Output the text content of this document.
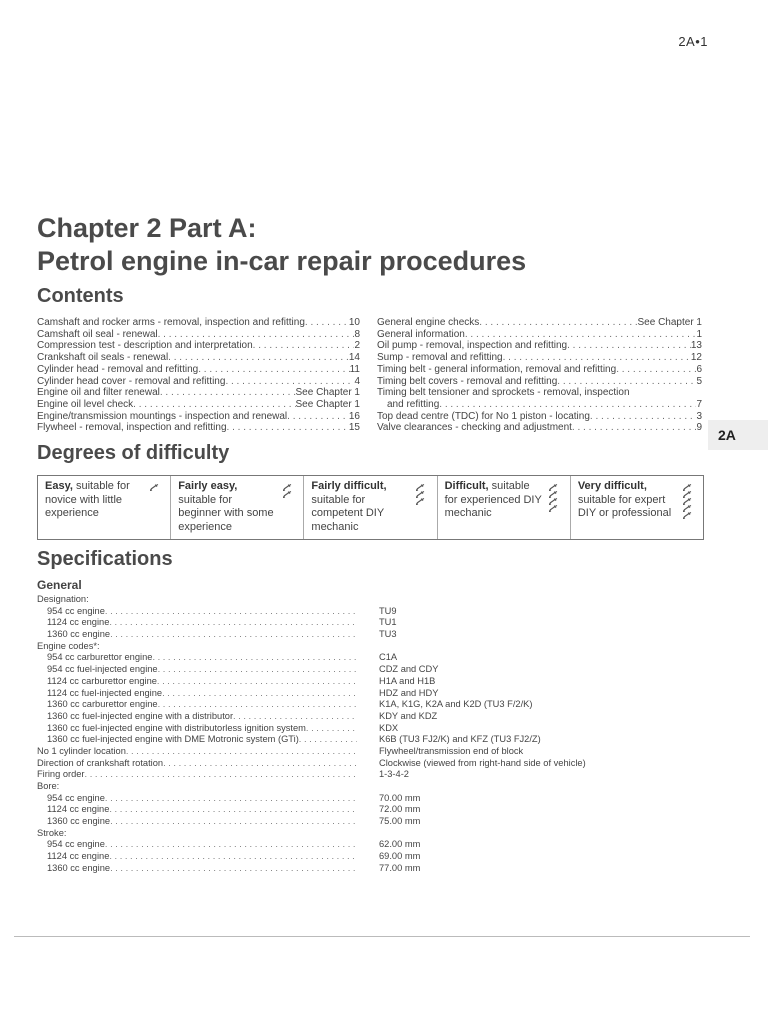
2A•1
Chapter 2 Part A:
Petrol engine in-car repair procedures
Contents
Camshaft and rocker arms - removal, inspection and refitting . . .	10
Camshaft oil seal - renewal . . .	8
Compression test - description and interpretation . . .	2
Crankshaft oil seals - renewal . . .	14
Cylinder head - removal and refitting . . .	11
Cylinder head cover - removal and refitting . . .	4
Engine oil and filter renewal . . .	See Chapter 1
Engine oil level check . . .	See Chapter 1
Engine/transmission mountings - inspection and renewal . . .	16
Flywheel - removal, inspection and refitting . . .	15
General engine checks . . .	See Chapter 1
General information . . .	1
Oil pump - removal, inspection and refitting . . .	13
Sump - removal and refitting . . .	12
Timing belt - general information, removal and refitting . . .	6
Timing belt covers - removal and refitting . . .	5
Timing belt tensioner and sprockets - removal, inspection
and refitting . . .	7
Top dead centre (TDC) for No 1 piston - locating . . .	3
Valve clearances - checking and adjustment . . .	9	2A
Degrees of difficulty
Easy, suitable for novice with little experience
Fairly easy, suitable for beginner with some experience
Fairly difficult, suitable for competent DIY mechanic
Difficult, suitable for experienced DIY mechanic
Very difficult, suitable for expert DIY or professional
Specifications
General
Designation:
954 cc engine . . .	TU9
1124 cc engine . . .	TU1
1360 cc engine . . .	TU3
Engine codes*:
954 cc carburettor engine . . .	C1A
954 cc fuel-injected engine . . .	CDZ and CDY
1124 cc carburettor engine . . .	H1A and H1B
1124 cc fuel-injected engine . . .	HDZ and HDY
1360 cc carburettor engine . . .	K1A, K1G, K2A and K2D (TU3 F/2/K)
1360 cc fuel-injected engine with a distributor . . .	KDY and KDZ
1360 cc fuel-injected engine with distributorless ignition system . . .	KDX
1360 cc fuel-injected engine with DME Motronic system (GTi) . . .	K6B (TU3 FJ2/K) and KFZ (TU3 FJ2/Z)
No 1 cylinder location . . .	Flywheel/transmission end of block
Direction of crankshaft rotation . . .	Clockwise (viewed from right-hand side of vehicle)
Firing order . . .	1-3-4-2
Bore:
954 cc engine . . .	70.00 mm
1124 cc engine . . .	72.00 mm
1360 cc engine . . .	75.00 mm
Stroke:
954 cc engine . . .	62.00 mm
1124 cc engine . . .	69.00 mm
1360 cc engine . . .	77.00 mm
